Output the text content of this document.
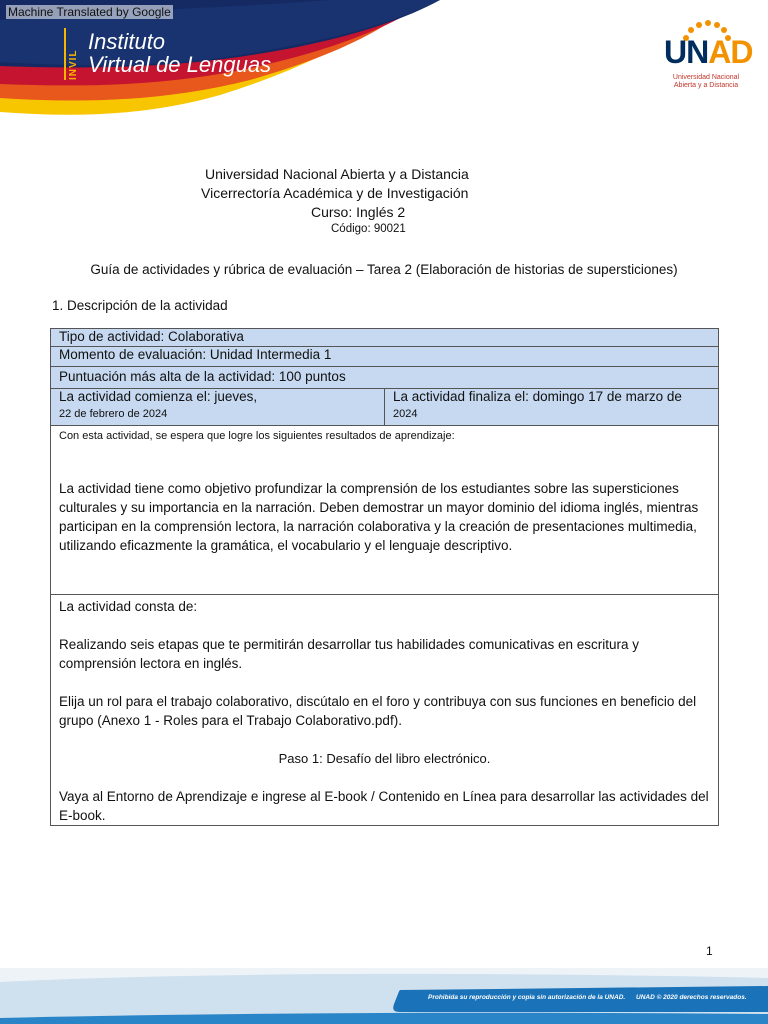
Machine Translated by Google
INVIL
Instituto
Virtual de Lenguas	UNAD
Universidad Nacional
Abierta y a Distancia
Universidad Nacional Abierta y a Distancia
Vicerrectoría Académica y de Investigación
Curso: Inglés 2
Código: 90021
Guía de actividades y rúbrica de evaluación – Tarea 2 (Elaboración de historias de supersticiones)
1. Descripción de la actividad
Tipo de actividad: Colaborativa
Momento de evaluación: Unidad Intermedia 1
Puntuación más alta de la actividad: 100 puntos

La actividad comienza el: jueves,
22 de febrero de 2024

La actividad finaliza el: domingo 17 de marzo de
2024

Con esta actividad, se espera que logre los siguientes resultados de aprendizaje:

La actividad tiene como objetivo profundizar la comprensión de los estudiantes sobre las supersticiones culturales y su importancia en la narración. Deben demostrar un mayor dominio del idioma inglés, mientras participan en la comprensión lectora, la narración colaborativa y la creación de presentaciones multimedia, utilizando eficazmente la gramática, el vocabulario y el lenguaje descriptivo.

La actividad consta de:

Realizando seis etapas que te permitirán desarrollar tus habilidades comunicativas en escritura y comprensión lectora en inglés.

Elija un rol para el trabajo colaborativo, discútalo en el foro y contribuya con sus funciones en beneficio del grupo (Anexo 1 - Roles para el Trabajo Colaborativo.pdf).

Paso 1: Desafío del libro electrónico.

Vaya al Entorno de Aprendizaje e ingrese al E-book / Contenido en Línea para desarrollar las actividades del E-book.

1
Prohibida su reproducción y copia sin autorización de la UNAD. UNAD © 2020 derechos reservados.
